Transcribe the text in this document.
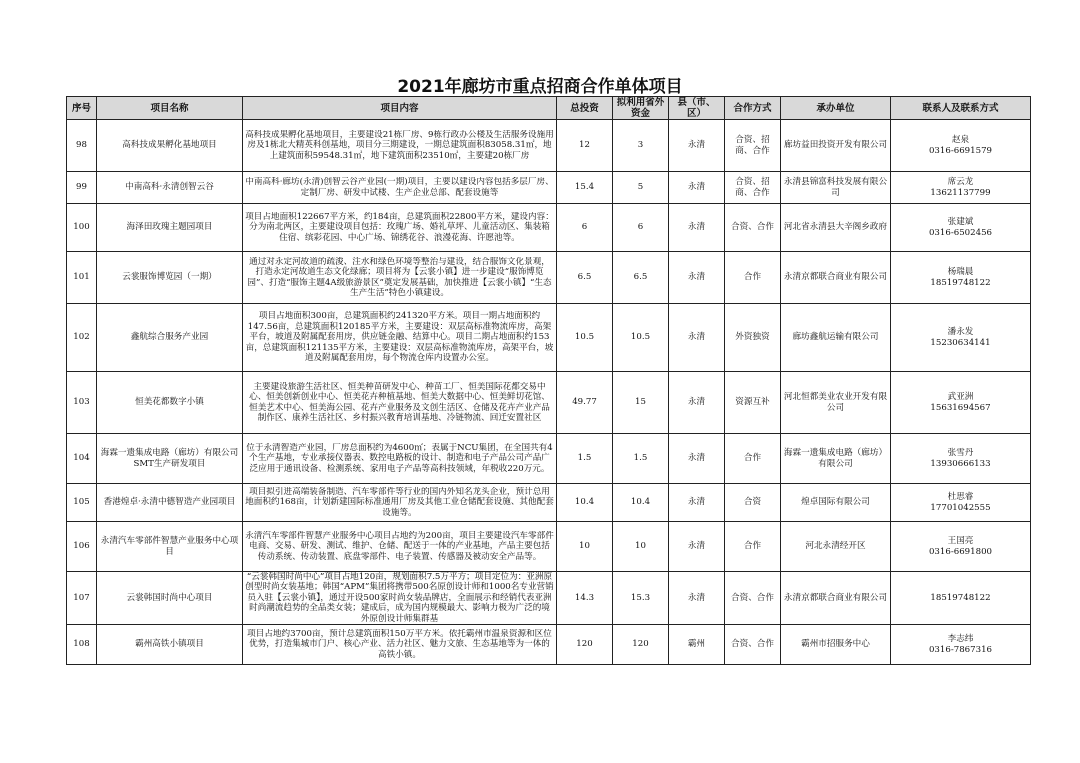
2021年廊坊市重点招商合作单体项目
序号	项目名称	项目内容	总投资	拟利用省外资金	县（市、区）	合作方式	承办单位	联系人及联系方式
98	高科技成果孵化基地项目	高科技成果孵化基地项目，主要建设21栋厂房、9栋行政办公楼及生活服务设施用房及1栋北大精英科创基地，项目分三期建设，一期总建筑面积83058.31㎡，地上建筑面积59548.31㎡，地下建筑面积23510㎡，主要建20栋厂房	12	3	永清	合资、招商、合作	廊坊益田投资开发有限公司	赵泉
0316-6691579

99	中南高科·永清创智云谷	中南高科·廊坊(永清)创智云谷产业园(一期)项目，主要以建设内容包括多层厂房、定制厂房、研发中试楼、生产企业总部、配套设施等	15.4	5	永清	合资、招商、合作	永清县锦富科技发展有限公司	席云龙
13621137799

100	海泽田玫瑰主题园项目	项目占地面积122667平方米，约184亩，总建筑面积22800平方米，建设内容：分为南北两区，主要建设项目包括：玫瑰广场、婚礼草坪、儿童活动区、集装箱住宿、缤彩花园、中心广场、锦绣花谷、浪漫花海、许愿池等。	6	6	永清	合资、合作	河北省永清县大辛阁乡政府	张建斌
0316-6502456

101	云裳服饰博览园（一期）	通过对永定河故道的疏浚、注水和绿色环境等整治与建设，结合服饰文化景观，打造永定河故道生态文化绿廊；项目将为【云裳小镇】进一步建设“服饰博览园”、打造“服饰主题4A级旅游景区”奠定发展基础，加快推进【云裳小镇】“生态生产生活”特色小镇建设。	6.5	6.5	永清	合作	永清京都联合商业有限公司	杨瑞晨
18519748122

102	鑫航综合服务产业园	项目占地面积300亩，总建筑面积约241320平方米。项目一期占地面积约147.56亩，总建筑面积120185平方米，主要建设：双层高标准物流库房，高架平台，坡道及附属配套用房，供应链金融、结算中心。项目二期占地面积约153亩，总建筑面积121135平方米，主要建设：双层高标准物流库房，高架平台，坡道及附属配套用房，每个物流仓库内设置办公室。	10.5	10.5	永清	外资独资	廊坊鑫航运输有限公司	潘永发
15230634141

103	恒美花都数字小镇	主要建设旅游生活社区、恒美种苗研发中心、种苗工厂、恒美国际花都交易中心、恒美创新创业中心、恒美花卉种植基地、恒美大数据中心、恒美鲜切花馆、恒美艺术中心、恒美海公园、花卉产业服务及文创生活区、仓储及花卉产业产品制作区、康养生活社区、乡村振兴教育培训基地、冷链物流、回迁安置社区	49.77	15	永清	资源互补	河北恒都美业农业开发有限公司	武亚洲
15631694567

104	海霖一遗集成电路（廊坊）有限公司SMT生产研发项目	位于永清智造产业园，厂房总面积约为4600㎡；表属于NCU集团，在全国共有4个生产基地，专业承接仪器表、数控电路板的设计、制造和电子产品公司产品广泛应用于通讯设备、检测系统、家用电子产品等高科技领域，年税收220万元。	1.5	1.5	永清	合作	海霖一遗集成电路（廊坊）有限公司	张雪丹
13930666133

105	香港煌卓·永清中德智造产业园项目	项目拟引进高端装备制造、汽车零部件等行业的国内外知名龙头企业，预计总用地面积约168亩，计划新建国际标准通用厂房及其他工业仓储配套设施、其他配套设施等。	10.4	10.4	永清	合资	煌卓国际有限公司	杜思睿
17701042555

106	永清汽车零部件智慧产业服务中心项目	永清汽车零部件智慧产业服务中心项目占地约为200亩，项目主要建设汽车零部件电商、交易、研发、测试、维护、仓储、配送于一体的产业基地，产品主要包括传动系统、传动装置、底盘零部件、电子装置、传感器及被动安全产品等。	10	10	永清	合作	河北永清经开区	王国亮
0316-6691800

107	云裳韩国时尚中心项目	“云裳韩国时尚中心”项目占地120亩，规划面积7.5万平方；项目定位为：亚洲原创型时尚女装基地；韩国“APM”集团将携带500名原创设计师和1000名专业营销员入驻【云裳小镇】，通过开设500家时尚女装品牌店，全面展示和经销代表亚洲时尚潮流趋势的全品类女装；建成后，成为国内规模最大、影响力极为广泛的境外原创设计师集群基	14.3	15.3	永清	合资、合作	永清京都联合商业有限公司	18519748122

108	霸州高铁小镇项目	项目占地约3700亩，预计总建筑面积150万平方米。依托霸州市温泉资源和区位优势，打造集城市门户、核心产业、活力社区、魅力文旅、生态基地等为一体的高铁小镇。	120	120	霸州	合资、合作	霸州市招服务中心	李志纬
0316-7867316
